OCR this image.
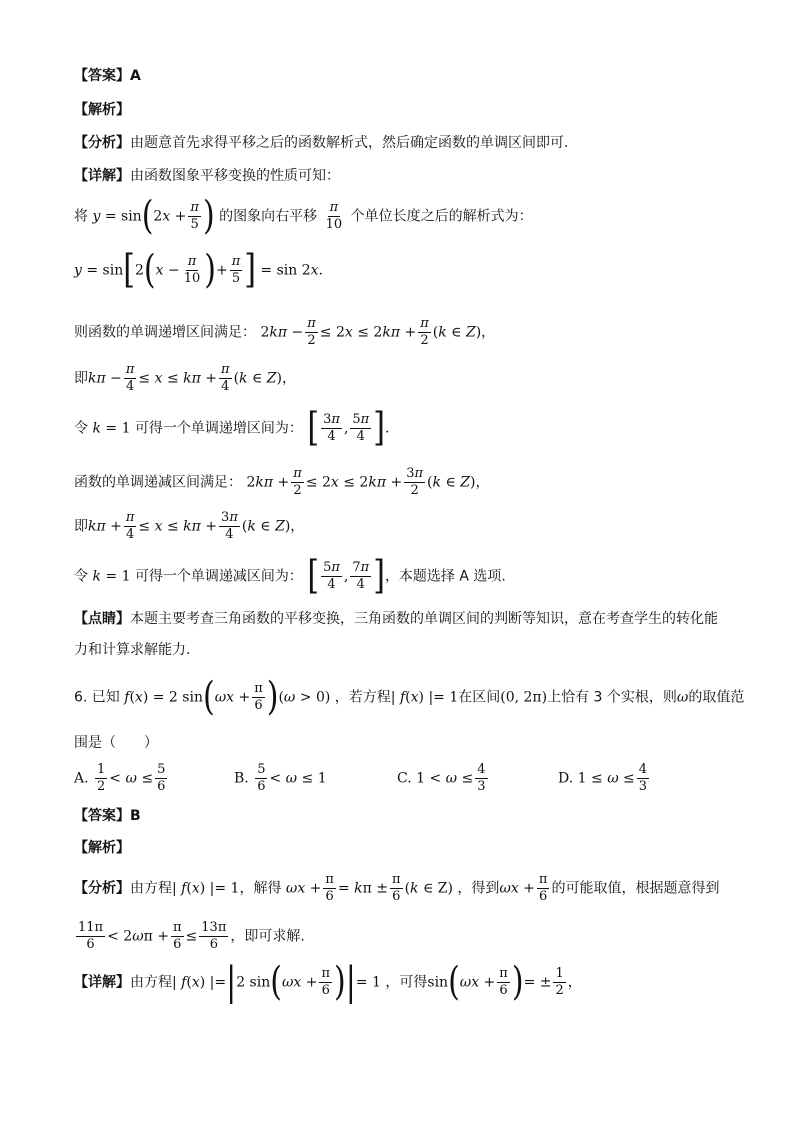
【答案】A
【解析】
【分析】由题意首先求得平移之后的函数解析式，然后确定函数的单调区间即可.
【详解】由函数图象平移变换的性质可知：
将 $y = \sin(2x + \frac{\pi}{5}$ ) 的图象向右平移 $\frac{\pi}{10}$ 个单位长度之后的解析式为：
$y = \sin[2(x - \frac{\pi}{10}$ )+ $\frac{\pi}{5}$ ] = sin 2x.
则函数的单调递增区间满足： $2k\pi - \frac{\pi}{2} \le 2x \le 2k\pi + \frac{\pi}{2} (k$ ∈ Z)，
即$k\pi - \frac{\pi}{4} \le x \le k\pi + \frac{\pi}{4} (k$ ∈ Z)，
令 k = 1 可得一个单调递增区间为： [ $\frac{3\pi}{4}$ , $\frac{5\pi}{4}$ ].
函数的单调递减区间满足： $2k\pi + \frac{\pi}{2} \le 2x \le 2k\pi + \frac{3\pi}{2} (k$ ∈ Z)，
即$k\pi + \frac{\pi}{4} \le x \le k\pi + \frac{3\pi}{4} (k$ ∈ Z)，
令 k = 1 可得一个单调递减区间为： [ $\frac{5\pi}{4}$ , $\frac{7\pi}{4}$ ]，本题选择 A 选项.
【点睛】本题主要考查三角函数的平移变换，三角函数的单调区间的判断等知识，意在考查学生的转化能
力和计算求解能力.
6. 已知 f(x) = 2 $\sin(\omega x + \frac{\pi}{6} )(\omega > 0)$ ，若方程| f(x) |= 1在区间(0, 2π)上恰有 3 个实根，则ω的取值范
围是（　　）
A. $\frac{1}{2} < \omega \le \frac{5}{6}$	B. $\frac{5}{6} < \omega \le 1$	C. $1 < \omega \le \frac{4}{3}$	D. $1 \le \omega \le \frac{4}{3}$
【答案】B
【解析】
【分析】由方程| f(x) |= 1，解得 $\omega x + \frac{\pi}{6} = k\pi \pm \frac{\pi}{6} (k$ ∈ Z) ，得到$\omega x + \frac{\pi}{6}$ 的可能取值，根据题意得到
$\frac{11\pi}{6} < 2\omega\pi + \frac{\pi}{6} \le \frac{13\pi}{6}$ ，即可求解.
【详解】由方程| f(x) |=|2 $\sin(\omega x + \frac{\pi}{6}$ )|= 1 ，可得$\sin(\omega x + \frac{\pi}{6}$ )= ± $\frac{1}{2}$ ，
